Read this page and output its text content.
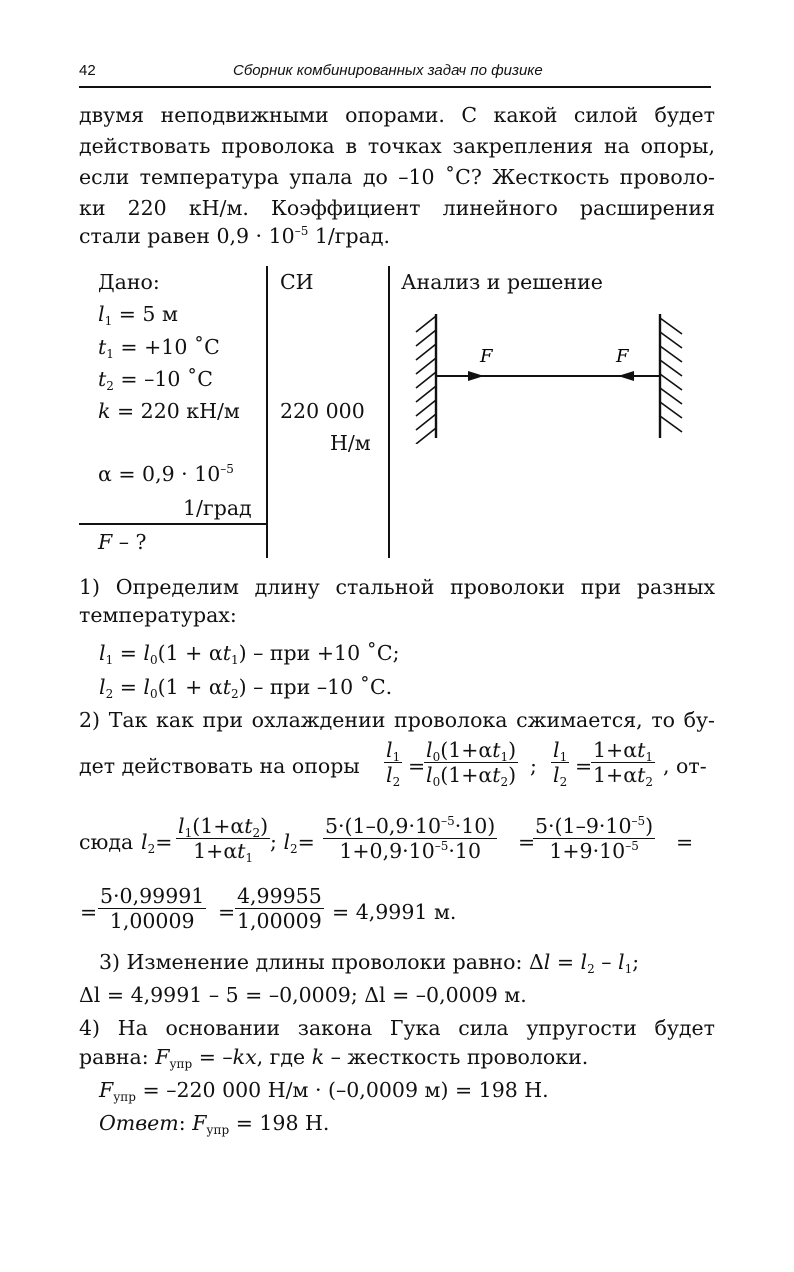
42	Сборник комбинированных задач по физике
двумя неподвижными опорами. С какой силой будет
действовать проволока в точках закрепления на опоры,
если температура упала до –10 ˚С? Жесткость проволо-
ки 220 кН/м. Коэффициент линейного расширения
стали равен $0,9 \cdot 10^{-5}$ 1/град.
Дано:
$l_1 = 5$ м
$t_1 = +10$ ˚С
$t_2 = -10$ ˚С
k = 220 кН/м
$\alpha = 0,9 \cdot 10^{-5}$
1/град
F – ?
СИ
220 000
Н/м
Анализ и решение
F	F
1) Определим длину стальной проволоки при разных
температурах:
$l_1 = l_0(1 + \alpha t_1)$ – при +10 ˚С;
$l_2 = l_0(1 + \alpha t_2)$ – при –10 ˚С.
2) Так как при охлаждении проволока сжимается, то бу-
дет действовать на опоры $\frac{l_1}{l_2}$ =
$\frac{l_0(1+\alpha t_1)}{l_0(1+\alpha t_2)}$ ; $\frac{l_1}{l_2}$ =
$\frac{1+\alpha t_1}{1+\alpha t_2}$ , от-
сюда $l_2= \frac{l_1(1+\alpha t_2)}{1+\alpha t_1}$ ; $l_2= \frac{5\cdot(1-0,9\cdot 10^{-5}\cdot 10)}{1+0,9\cdot 10^{-5}\cdot 10}$ =
$\frac{5\cdot(1-9\cdot 10^{-5})}{1+9\cdot 10^{-5}}$ =
= $\frac{5\cdot 0,99991}{1,00009} = \frac{4,99955}{1,00009} = 4,9991$ м.
3) Изменение длины проволоки равно: $\Delta l = l_2 - l_1$;
Δl = 4,9991 – 5 = –0,0009; Δl = –0,0009 м.
4) На основании закона Гука сила упругости будет
равна: $F_{упр} = -kx$, где k – жесткость проволоки.
$F_{упр} = -220$ 000 Н/м · (–0,0009 м) = 198 Н.
Ответ: $F_{упр} = 198$ Н.
